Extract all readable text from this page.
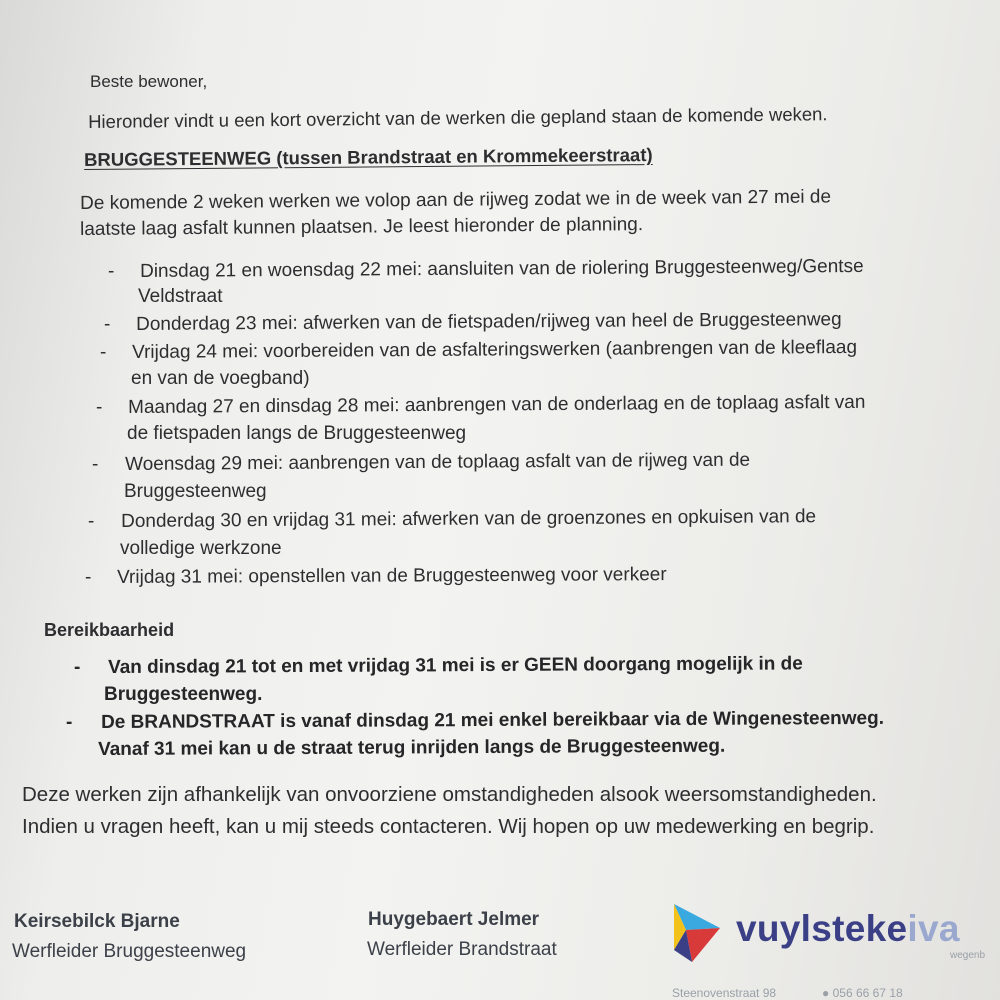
Beste bewoner,
Hieronder vindt u een kort overzicht van de werken die gepland staan de komende weken.
BRUGGESTEENWEG (tussen Brandstraat en Krommekeerstraat)
De komende 2 weken werken we volop aan de rijweg zodat we in de week van 27 mei de
laatste laag asfalt kunnen plaatsen. Je leest hieronder de planning.
- Dinsdag 21 en woensdag 22 mei: aansluiten van de riolering Bruggesteenweg/Gentse
Veldstraat
- Donderdag 23 mei: afwerken van de fietspaden/rijweg van heel de Bruggesteenweg
- Vrijdag 24 mei: voorbereiden van de asfalteringswerken (aanbrengen van de kleeflaag
en van de voegband)
- Maandag 27 en dinsdag 28 mei: aanbrengen van de onderlaag en de toplaag asfalt van
de fietspaden langs de Bruggesteenweg
- Woensdag 29 mei: aanbrengen van de toplaag asfalt van de rijweg van de
Bruggesteenweg
- Donderdag 30 en vrijdag 31 mei: afwerken van de groenzones en opkuisen van de
volledige werkzone
- Vrijdag 31 mei: openstellen van de Bruggesteenweg voor verkeer
Bereikbaarheid
- Van dinsdag 21 tot en met vrijdag 31 mei is er GEEN doorgang mogelijk in de
Bruggesteenweg.
- De BRANDSTRAAT is vanaf dinsdag 21 mei enkel bereikbaar via de Wingenesteenweg.
Vanaf 31 mei kan u de straat terug inrijden langs de Bruggesteenweg.
Deze werken zijn afhankelijk van onvoorziene omstandigheden alsook weersomstandigheden.
Indien u vragen heeft, kan u mij steeds contacteren. Wij hopen op uw medewerking en begrip.
Keirsebilck Bjarne
Werfleider Bruggesteenweg
Huygebaert Jelmer
Werfleider Brandstraat
vuylstekeiva
wegenb
Steenovenstraat 98	● 056 66 67 18
